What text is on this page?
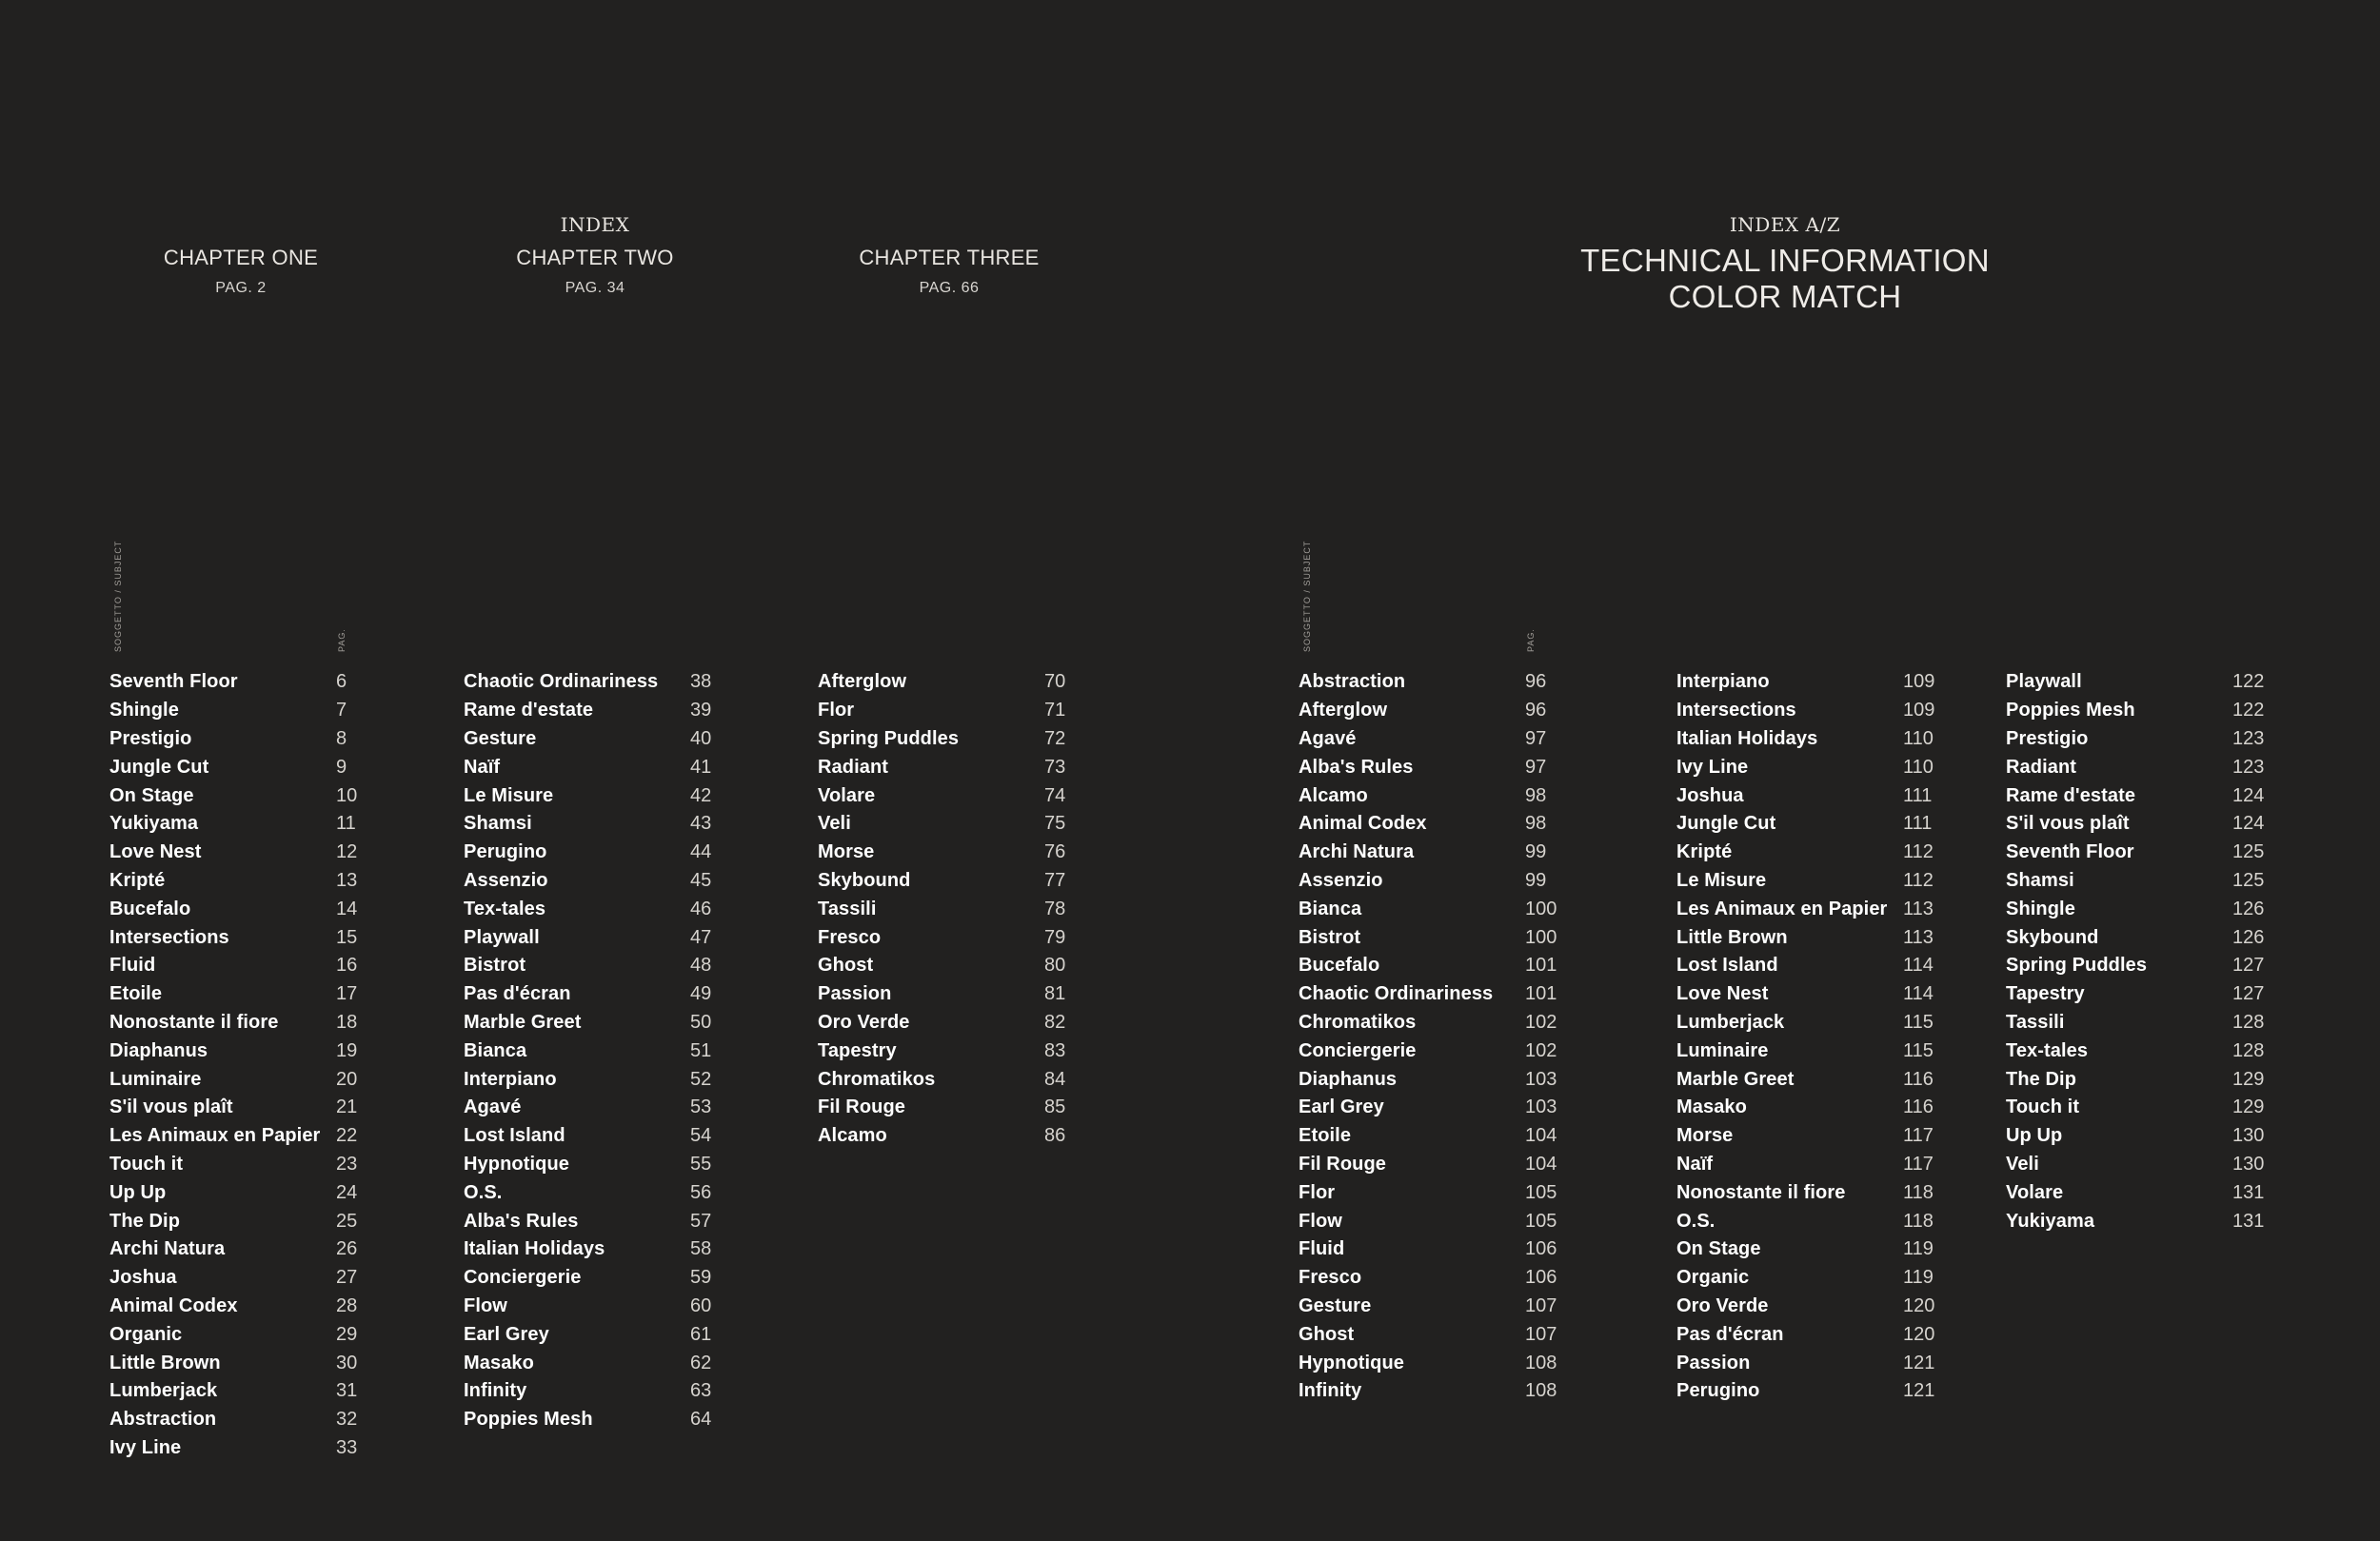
INDEX
CHAPTER ONE
PAG. 2
CHAPTER TWO
PAG. 34
CHAPTER THREE
PAG. 66
INDEX A/Z
TECHNICAL INFORMATION
COLOR MATCH
SOGGETTO / SUBJECT	PAG.	SOGGETTO / SUBJECT	PAG.
Seventh Floor	6
Shingle	7
Prestigio	8
Jungle Cut	9
On Stage	10
Yukiyama	11
Love Nest	12
Kripté	13
Bucefalo	14
Intersections	15
Fluid	16
Etoile	17
Nonostante il fiore	18
Diaphanus	19
Luminaire	20
S'il vous plaît	21
Les Animaux en Papier 22
Touch it	23
Up Up	24
The Dip	25
Archi Natura	26
Joshua	27
Animal Codex	28
Organic	29
Little Brown	30
Lumberjack	31
Abstraction	32
Ivy Line	33
Chaotic Ordinariness 38
Rame d'estate	39
Gesture	40
Naïf	41
Le Misure	42
Shamsi	43
Perugino	44
Assenzio	45
Tex-tales	46
Playwall	47
Bistrot	48
Pas d'écran	49
Marble Greet	50
Bianca	51
Interpiano	52
Agavé	53
Lost Island	54
Hypnotique	55
O.S.	56
Alba's Rules	57
Italian Holidays	58
Conciergerie	59
Flow	60
Earl Grey	61
Masako	62
Infinity	63
Poppies Mesh	64
Afterglow	70
Flor	71
Spring Puddles	72
Radiant	73
Volare	74
Veli	75
Morse	76
Skybound	77
Tassili	78
Fresco	79
Ghost	80
Passion	81
Oro Verde	82
Tapestry	83
Chromatikos	84
Fil Rouge	85
Alcamo	86
Abstraction	96
Afterglow	96
Agavé	97
Alba's Rules	97
Alcamo	98
Animal Codex	98
Archi Natura	99
Assenzio	99
Bianca	100
Bistrot	100
Bucefalo	101
Chaotic Ordinariness 101
Chromatikos	102
Conciergerie	102
Diaphanus	103
Earl Grey	103
Etoile	104
Fil Rouge	104
Flor	105
Flow	105
Fluid	106
Fresco	106
Gesture	107
Ghost	107
Hypnotique	108
Infinity	108
Interpiano	109
Intersections	109
Italian Holidays	110
Ivy Line	110
Joshua	111
Jungle Cut	111
Kripté	112
Le Misure	112
Les Animaux en Papier 113
Little Brown	113
Lost Island	114
Love Nest	114
Lumberjack	115
Luminaire	115
Marble Greet	116
Masako	116
Morse	117
Naïf	117
Nonostante il fiore	118
O.S.	118
On Stage	119
Organic	119
Oro Verde	120
Pas d'écran	120
Passion	121
Perugino	121
Playwall	122
Poppies Mesh	122
Prestigio	123
Radiant	123
Rame d'estate	124
S'il vous plaît	124
Seventh Floor	125
Shamsi	125
Shingle	126
Skybound	126
Spring Puddles	127
Tapestry	127
Tassili	128
Tex-tales	128
The Dip	129
Touch it	129
Up Up	130
Veli	130
Volare	131
Yukiyama	131
